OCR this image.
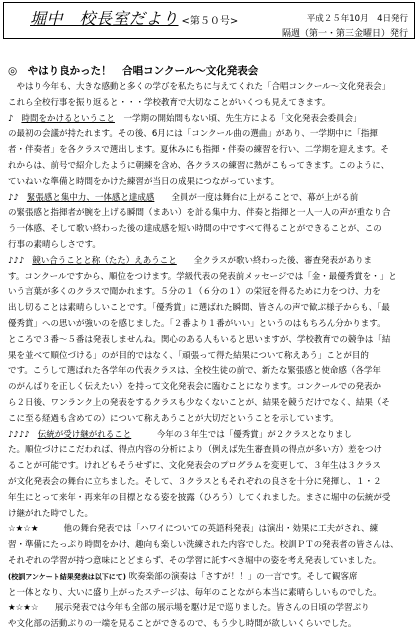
堀中　校長室だより <第５０号>	平成２５年10月　4日発行
隔週（第一・第三金曜日）発行
◎　やはり良かった！　合唱コンクール～文化発表会
　やはり今年も、大きな感動と多くの学びを私たちに与えてくれた「合唱コンクール～文化発表会」
これら全校行事を振り返ると・・・学校教育で大切なことがいくつも見えてきます。
♪ 時間をかけるということ　一学期の開始間もない頃、先生方による「文化発表会委員会」
の最初の会議が持たれます。その後、6月には「コンクール曲の選曲」があり、一学期中に「指揮
者・伴奏者」を各クラスで選出します。夏休みにも指揮・伴奏の練習を行い、二学期を迎えます。そ
れからは、前号で紹介したように朝練を含め、各クラスの練習に熱がこもってきます。このように、
ていねいな準備と時間をかけた練習が当日の成果につながっています。
♪♪ 緊張感と集中力、一体感と達成感　　全員が一度は舞台に上がることで、幕が上がる前
の緊張感と指揮者が腕を上げる瞬間（まあい）を計る集中力、伴奏と指揮と一人一人の声が重なり合
う一体感、そして歌い終わった後の達成感を短い時間の中ですべて得ることができることが、この
行事の素晴らしさです。
♪♪♪ 競い合うことと称（たた）えあうこと　　全クラスが歌い終わった後、審査発表がありま
す。コンクールですから、順位をつけます。学級代表の発表前メッセージでは「金・最優秀賞を・」と
いう言葉が多くのクラスで聞かれます。５分の１（６分の１）の栄冠を得るために力をつけ、力を
出し切ることは素晴らしいことです。「優秀賞」に選ばれた瞬間、皆さんの声で歓ぶ様子からも、「最
優秀賞」への思いが強いのを感じました。「２番より１番がいい」というのはもちろん分かります。
ところで３番～５番は発表しませんね。関心のある人もいると思いますが、学校教育での競争は「結
果を並べて順位づける」のが目的ではなく、「頑張って得た結果について称えあう」ことが目的
です。こうして選ばれた各学年の代表クラスは、全校生徒の前で、新たな緊張感と使命感（各学年
のがんばりを正しく伝えたい）を持って文化発表会に臨むことになります。コンクールでの発表か
ら２日後、ワンランク上の発表をするクラスも少なくないことが、結果を競うだけでなく、結果（そ
こに至る経過も含めての）について称えあうことが大切だということを示しています。
♪♪♪♪ 伝統が受け継がれること　　　今年の３年生では「優秀賞」が２クラスとなりまし
た。順位づけにこだわれば、得点内容の分析により（例えば先生審査員の得点が多い方）差をつけ
ることが可能です。けれどもそうせずに、文化発表会のプログラムを変更して、３年生は３クラス
が文化発表会の舞台に立ちました。そして、３クラスともそれぞれの良さを十分に発揮し、１・２
年生にとって来年・再来年の目標となる姿を披露（ひろう）してくれました。まさに堀中の伝統が受
け継がれた時でした。
☆★☆★　　他の舞台発表では「ハワイについての英語科発表」は演出・効果に工夫がされ、練
習・準備にたっぷり時間をかけ、趣向も楽しい洗練された内容でした。校訓ＰＴの発表者の皆さんは、
それぞれの学習が持つ意味にとどまらず、その学習に託すべき堀中の姿を考え発表していました。
(校訓アンケート結果発表は以下にて) 吹奏楽部の演奏は「さすが！！」の一言です。そして観客席
と一体となり、大いに盛り上がったステージは、毎年のことながら本当に素晴らしいものでした。
★☆★☆　展示発表では今年も全部の展示場を駆け足で巡りました。皆さんの日頃の学習ぶり
や文化部の活動ぶりの一端を見ることができるので、もう少し時間が欲しいくらいでした。
